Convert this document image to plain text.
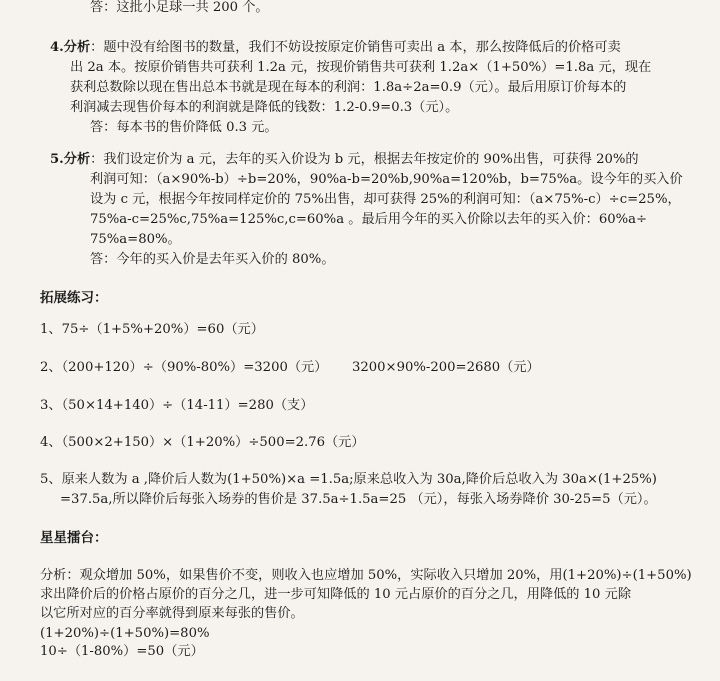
答：这批小足球一共 200 个。
4.分析：题中没有给图书的数量，我们不妨设按原定价销售可卖出 a 本，那么按降低后的价格可卖
出 2a 本。按原价销售共可获利 1.2a 元，按现价销售共可获利 1.2a×（1+50%）=1.8a 元，现在
获利总数除以现在售出总本书就是现在每本的利润：1.8a÷2a=0.9（元）。最后用原订价每本的
利润减去现售价每本的利润就是降低的钱数：1.2-0.9=0.3（元）。
答：每本书的售价降低 0.3 元。
5.分析：我们设定价为 a 元，去年的买入价设为 b 元，根据去年按定价的 90%出售，可获得 20%的
利润可知：（a×90%-b）÷b=20%，90%a-b=20%b,90%a=120%b，b=75%a。设今年的买入价
设为 c 元，根据今年按同样定价的 75%出售，却可获得 25%的利润可知：（a×75%-c）÷c=25%，
75%a-c=25%c,75%a=125%c,c=60%a 。最后用今年的买入价除以去年的买入价：60%a÷
75%a=80%。
答：今年的买入价是去年买入价的 80%。
拓展练习：
1、75÷（1+5%+20%）=60（元）
2、（200+120）÷（90%-80%）=3200（元） 3200×90%-200=2680（元）
3、（50×14+140）÷（14-11）=280（支）
4、（500×2+150）×（1+20%）÷500=2.76（元）
5、原来人数为 a ,降价后人数为(1+50%)×a =1.5a;原来总收入为 30a,降价后总收入为 30a×(1+25%)
=37.5a,所以降价后每张入场券的售价是 37.5a÷1.5a=25 （元），每张入场券降价 30-25=5（元）。
星星擂台：
分析：观众增加 50%，如果售价不变，则收入也应增加 50%，实际收入只增加 20%，用(1+20%)÷(1+50%)
求出降价后的价格占原价的百分之几，进一步可知降低的 10 元占原价的百分之几，用降低的 10 元除
以它所对应的百分率就得到原来每张的售价。
(1+20%)÷(1+50%)=80%
10÷（1-80%）=50（元）
